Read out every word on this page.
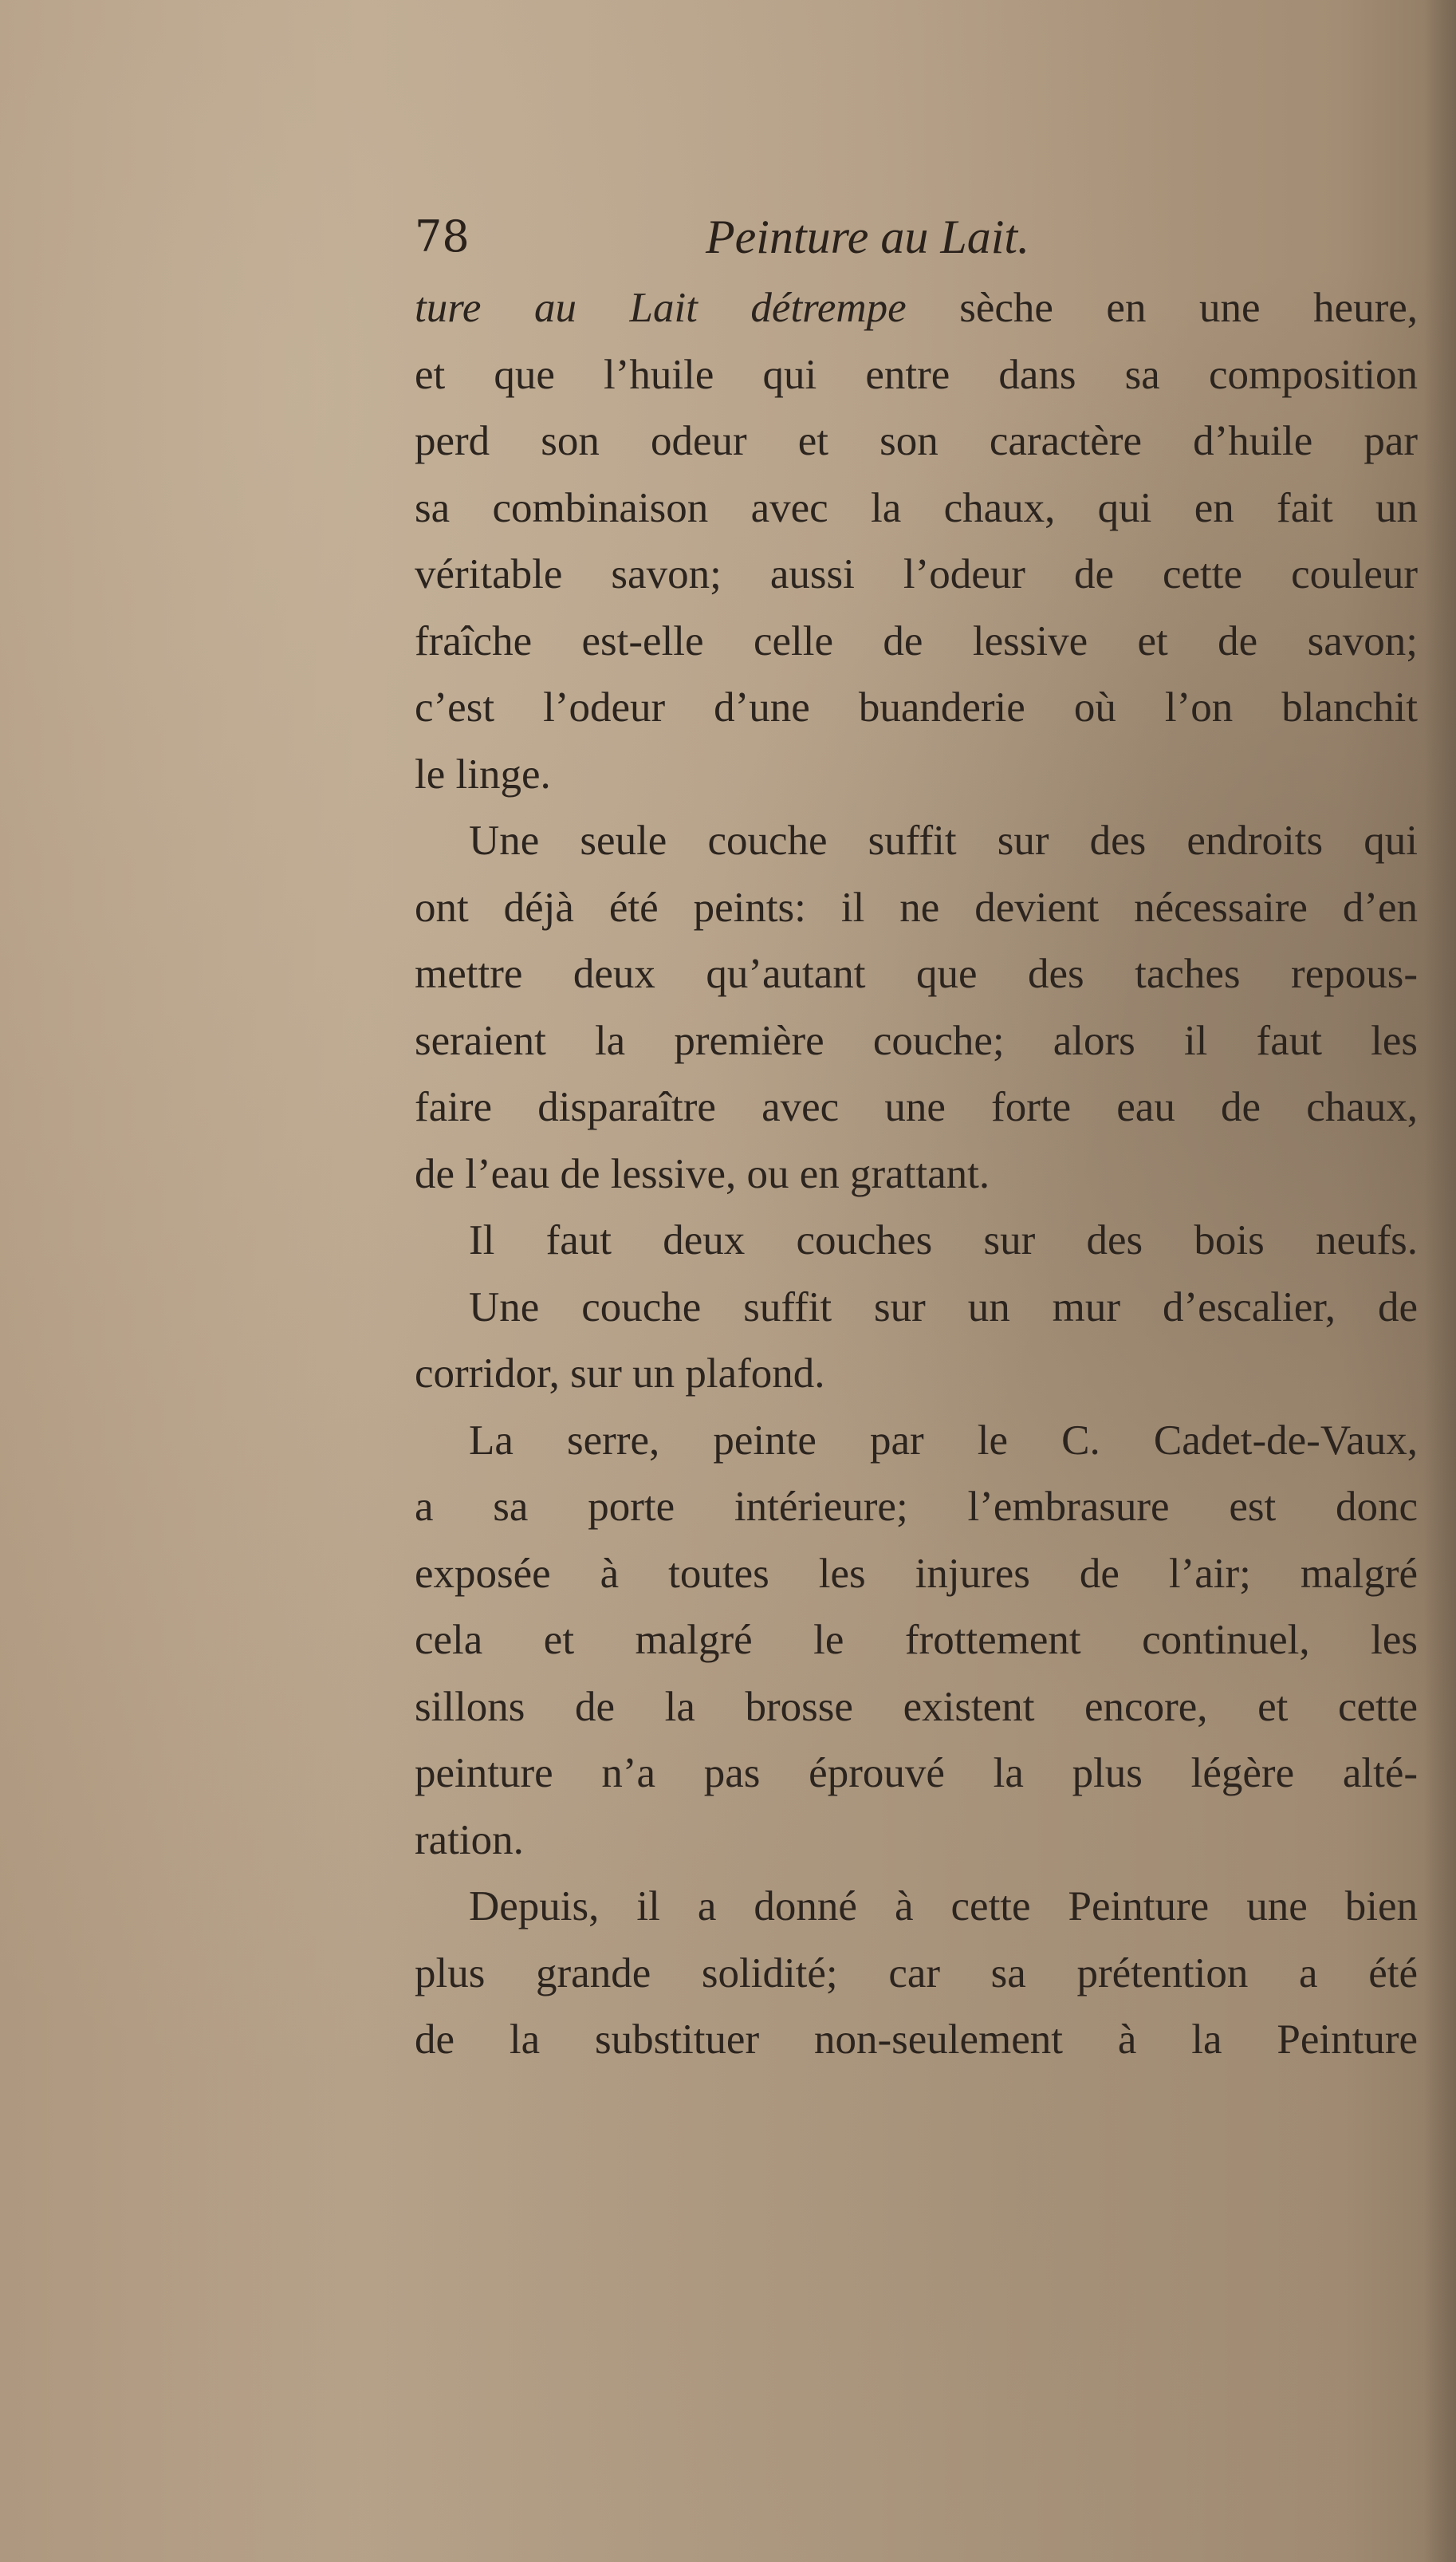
78	Peinture au Lait.
ture au Lait détrempe sèche en une heure,
et que l’huile qui entre dans sa composition
perd son odeur et son caractère d’huile par
sa combinaison avec la chaux, qui en fait un
véritable savon; aussi l’odeur de cette couleur
fraîche est-elle celle de lessive et de savon;
c’est l’odeur d’une buanderie où l’on blanchit
le linge.
Une seule couche suffit sur des endroits qui
ont déjà été peints: il ne devient nécessaire d’en
mettre deux qu’autant que des taches repous-
seraient la première couche; alors il faut les
faire disparaître avec une forte eau de chaux,
de l’eau de lessive, ou en grattant.
Il faut deux couches sur des bois neufs.
Une couche suffit sur un mur d’escalier, de
corridor, sur un plafond.
La serre, peinte par le C. Cadet-de-Vaux,
a sa porte intérieure; l’embrasure est donc
exposée à toutes les injures de l’air; malgré
cela et malgré le frottement continuel, les
sillons de la brosse existent encore, et cette
peinture n’a pas éprouvé la plus légère alté-
ration.
Depuis, il a donné à cette Peinture une bien
plus grande solidité; car sa prétention a été
de la substituer non-seulement à la Peinture
